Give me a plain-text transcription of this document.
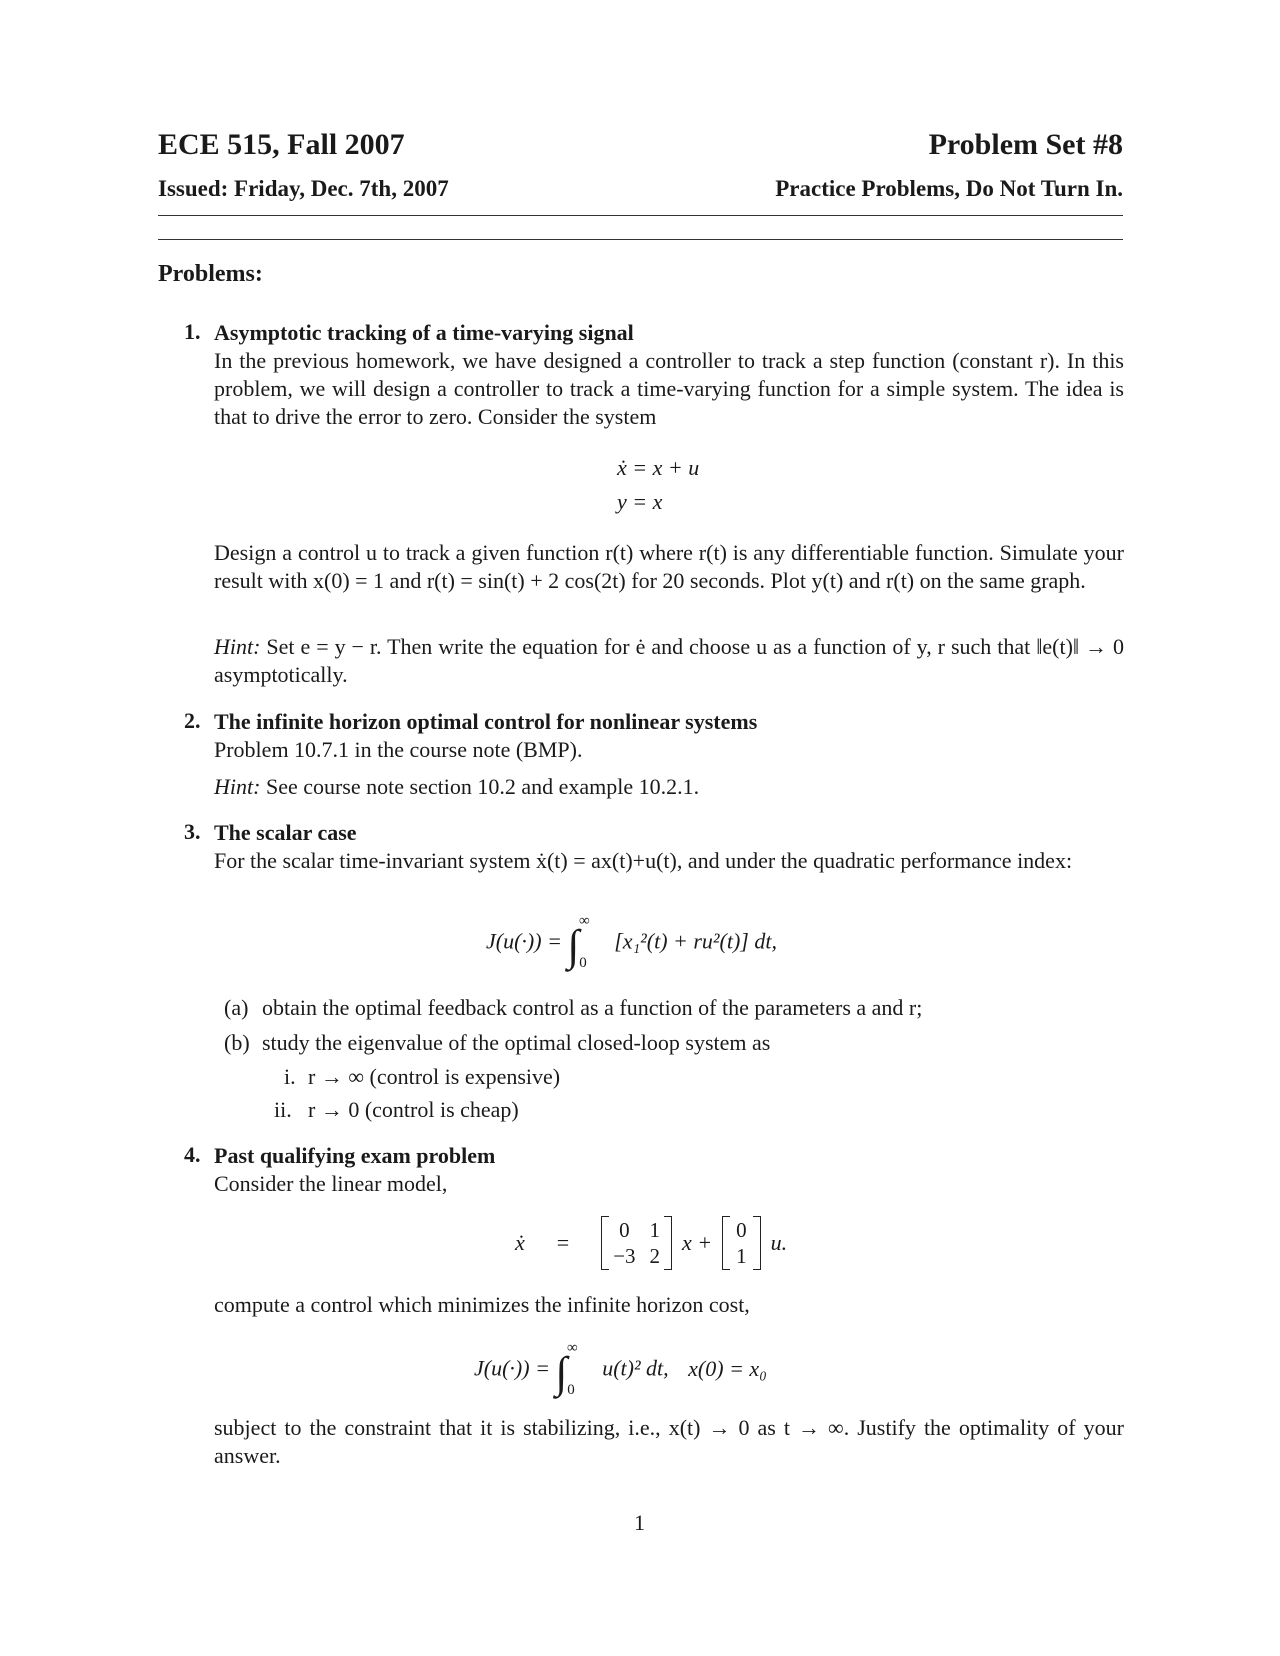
ECE 515, Fall 2007	Problem Set #8
Issued: Friday, Dec. 7th, 2007	Practice Problems, Do Not Turn In.
Problems:
1. Asymptotic tracking of a time-varying signal
In the previous homework, we have designed a controller to track a step function (constant r). In this problem, we will design a controller to track a time-varying function for a simple system. The idea is that to drive the error to zero. Consider the system
ẋ = x + u
y = x
Design a control u to track a given function r(t) where r(t) is any differentiable function. Simulate your result with x(0) = 1 and r(t) = sin(t) + 2 cos(2t) for 20 seconds. Plot y(t) and r(t) on the same graph.
Hint: Set e = y − r. Then write the equation for ė and choose u as a function of y, r such that ‖e(t)‖ → 0 asymptotically.
2. The infinite horizon optimal control for nonlinear systems
Problem 10.7.1 in the course note (BMP).
Hint: See course note section 10.2 and example 10.2.1.
3. The scalar case
For the scalar time-invariant system ẋ(t) = ax(t)+u(t), and under the quadratic performance index:
J(u(·)) = ∫ ∞ $_0$ [x₁²(t) + ru²(t)] dt,
(a) obtain the optimal feedback control as a function of the parameters a and r;
(b) study the eigenvalue of the optimal closed-loop system as
i. r → ∞ (control is expensive)
ii. r → 0 (control is cheap)
4. Past qualifying exam problem
Consider the linear model,
ẋ = 0 1
−3 2
x + 0
1
u.
compute a control which minimizes the infinite horizon cost,
J(u(·)) = ∫ ∞ $_0$ u(t)² dt, x(0) = x₀
subject to the constraint that it is stabilizing, i.e., x(t) → 0 as t → ∞. Justify the optimality of your answer.
1
